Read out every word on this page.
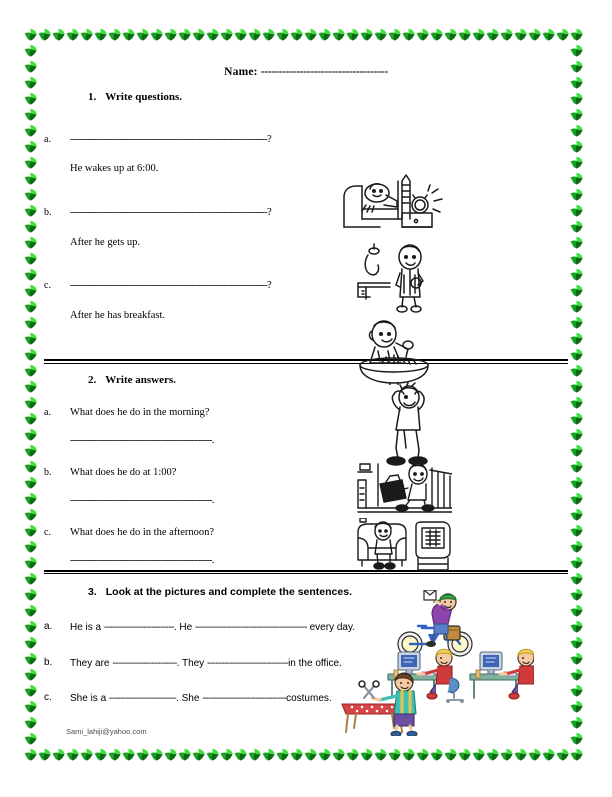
Name: ------------------------------------
1. Write questions.
a.	--------------------------------------------------------------------?
He wakes up at 6:00.
b.	--------------------------------------------------------------------?
After he gets up.
c.	--------------------------------------------------------------------?
After he has breakfast.
2. Write answers.
a.	What does he do in the morning?
-------------------------------------------------.
b.	What does he do at 1:00?
-------------------------------------------------.
c.	What does he do in the afternoon?
-------------------------------------------------.
3. Look at the pictures and complete the sentences.
a.	He is a -------------------------. He ---------------------------------------- every day.
b.	They are -----------------------. They -----------------------------in the office.
c.	She is a ------------------------. She ------------------------------costumes.
Sami_lahiji@yahoo.com
